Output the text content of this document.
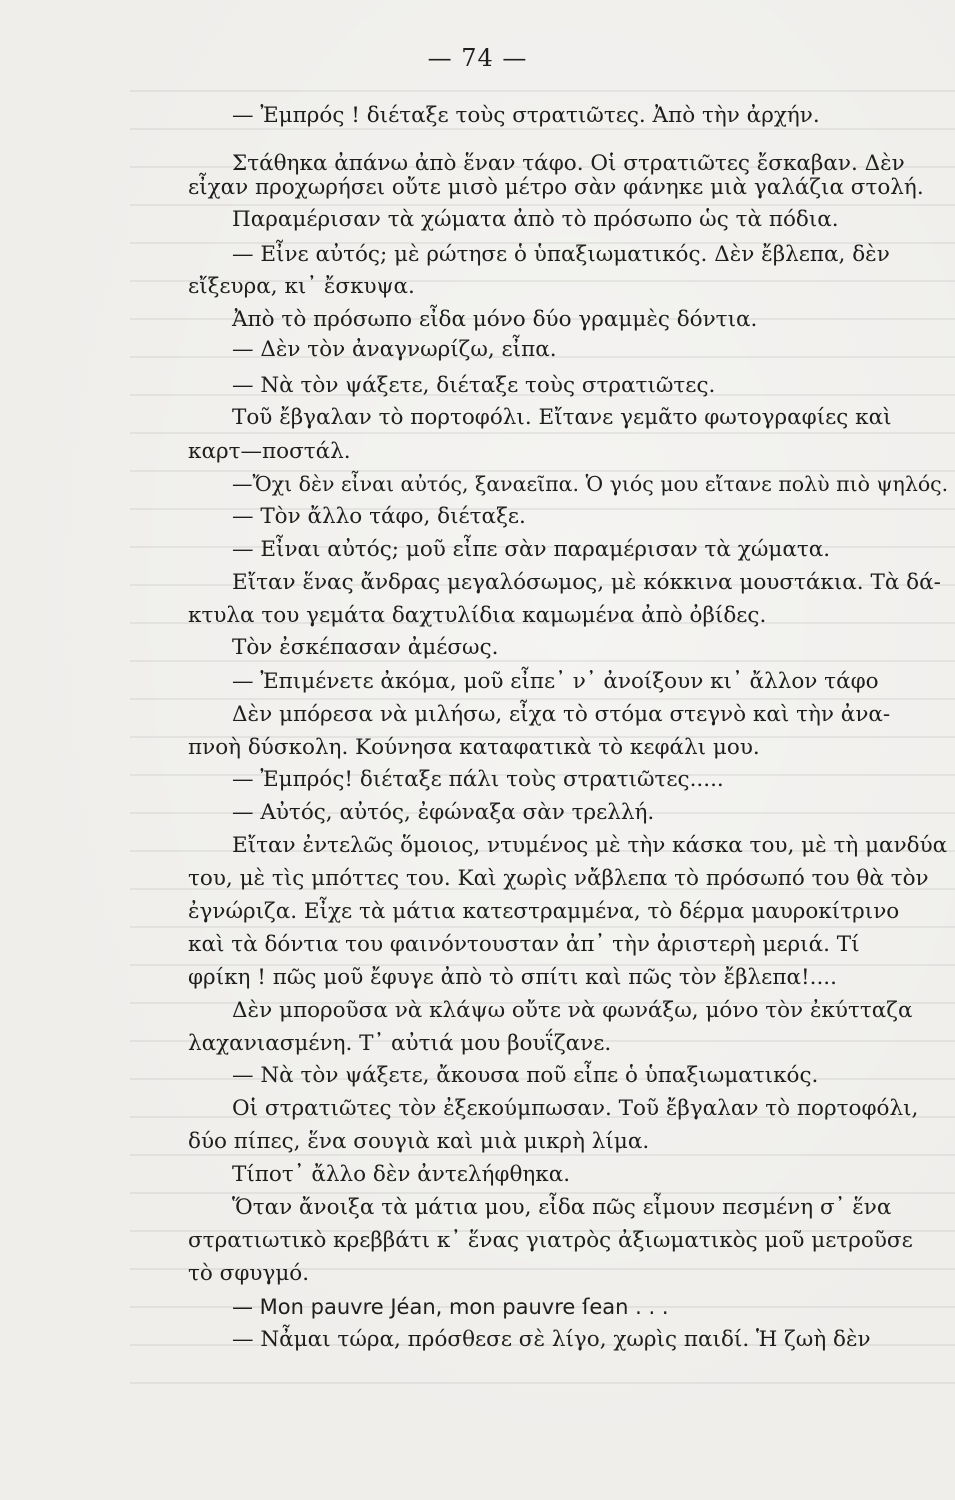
— 74 —
— Ἐμπρός ! διέταξε τοὺς στρατιῶτες. Ἀπὸ τὴν ἀρχήν.
Στάθηκα ἀπάνω ἀπὸ ἕναν τάφο. Οἱ στρατιῶτες ἔσκαβαν. Δὲν
εἶχαν προχωρήσει οὔτε μισὸ μέτρο σὰν φάνηκε μιὰ γαλάζια στολή.
Παραμέρισαν τὰ χώματα ἀπὸ τὸ πρόσωπο ὡς τὰ πόδια.
— Εἶνε αὐτός; μὲ ρώτησε ὁ ὑπαξιωματικός. Δὲν ἔβλεπα, δὲν
εἴξευρα, κι᾿ ἔσκυψα.
Ἀπὸ τὸ πρόσωπο εἶδα μόνο δύο γραμμὲς δόντια.
— Δὲν τὸν ἀναγνωρίζω, εἶπα.
— Νὰ τὸν ψάξετε, διέταξε τοὺς στρατιῶτες.
Τοῦ ἔβγαλαν τὸ πορτοφόλι. Εἴτανε γεμᾶτο φωτογραφίες καὶ
καρτ—ποστάλ.
—Ὄχι δὲν εἶναι αὐτός, ξαναεῖπα. Ὁ γιός μου εἴτανε πολὺ πιὸ ψηλός.
— Τὸν ἄλλο τάφο, διέταξε.
— Εἶναι αὐτός; μοῦ εἶπε σὰν παραμέρισαν τὰ χώματα.
Εἴταν ἕνας ἄνδρας μεγαλόσωμος, μὲ κόκκινα μουστάκια. Τὰ δά-
κτυλα του γεμάτα δαχτυλίδια καμωμένα ἀπὸ ὀβίδες.
Τὸν ἐσκέπασαν ἀμέσως.
— Ἐπιμένετε ἀκόμα, μοῦ εἶπε᾿ ν᾿ ἀνοίξουν κι᾿ ἄλλον τάφο
Δὲν μπόρεσα νὰ μιλήσω, εἶχα τὸ στόμα στεγνὸ καὶ τὴν ἀνα-
πνοὴ δύσκολη. Κούνησα καταφατικὰ τὸ κεφάλι μου.
— Ἐμπρός! διέταξε πάλι τοὺς στρατιῶτες.....
— Αὐτός, αὐτός, ἐφώναξα σὰν τρελλή.
Εἴταν ἐντελῶς ὅμοιος, ντυμένος μὲ τὴν κάσκα του, μὲ τὴ μανδύα
του, μὲ τὶς μπόττες του. Καὶ χωρὶς νἄβλεπα τὸ πρόσωπό του θὰ τὸν
ἐγνώριζα. Εἶχε τὰ μάτια κατεστραμμένα, τὸ δέρμα μαυροκίτρινο
καὶ τὰ δόντια του φαινόντουσταν ἀπ᾿ τὴν ἀριστερὴ μεριά. Τί
φρίκη ! πῶς μοῦ ἔφυγε ἀπὸ τὸ σπίτι καὶ πῶς τὸν ἔβλεπα!....
Δὲν μποροῦσα νὰ κλάψω οὔτε νὰ φωνάξω, μόνο τὸν ἐκύτταζα
λαχανιασμένη. Τ᾿ αὐτιά μου βουΐζανε.
— Νὰ τὸν ψάξετε, ἄκουσα ποῦ εἶπε ὁ ὑπαξιωματικός.
Οἱ στρατιῶτες τὸν ἐξεκούμπωσαν. Τοῦ ἔβγαλαν τὸ πορτοφόλι,
δύο πίπες, ἕνα σουγιὰ καὶ μιὰ μικρὴ λίμα.
Τίποτ᾿ ἄλλο δὲν ἀντελήφθηκα.
Ὅταν ἄνοιξα τὰ μάτια μου, εἶδα πῶς εἶμουν πεσμένη σ᾿ ἕνα
στρατιωτικὸ κρεββάτι κ᾿ ἕνας γιατρὸς ἀξιωματικὸς μοῦ μετροῦσε
τὸ σφυγμό.
— Mon pauvre Jéan, mon pauvre ſean . . .
— Νἆμαι τώρα, πρόσθεσε σὲ λίγο, χωρὶς παιδί. Ἡ ζωὴ δὲν
